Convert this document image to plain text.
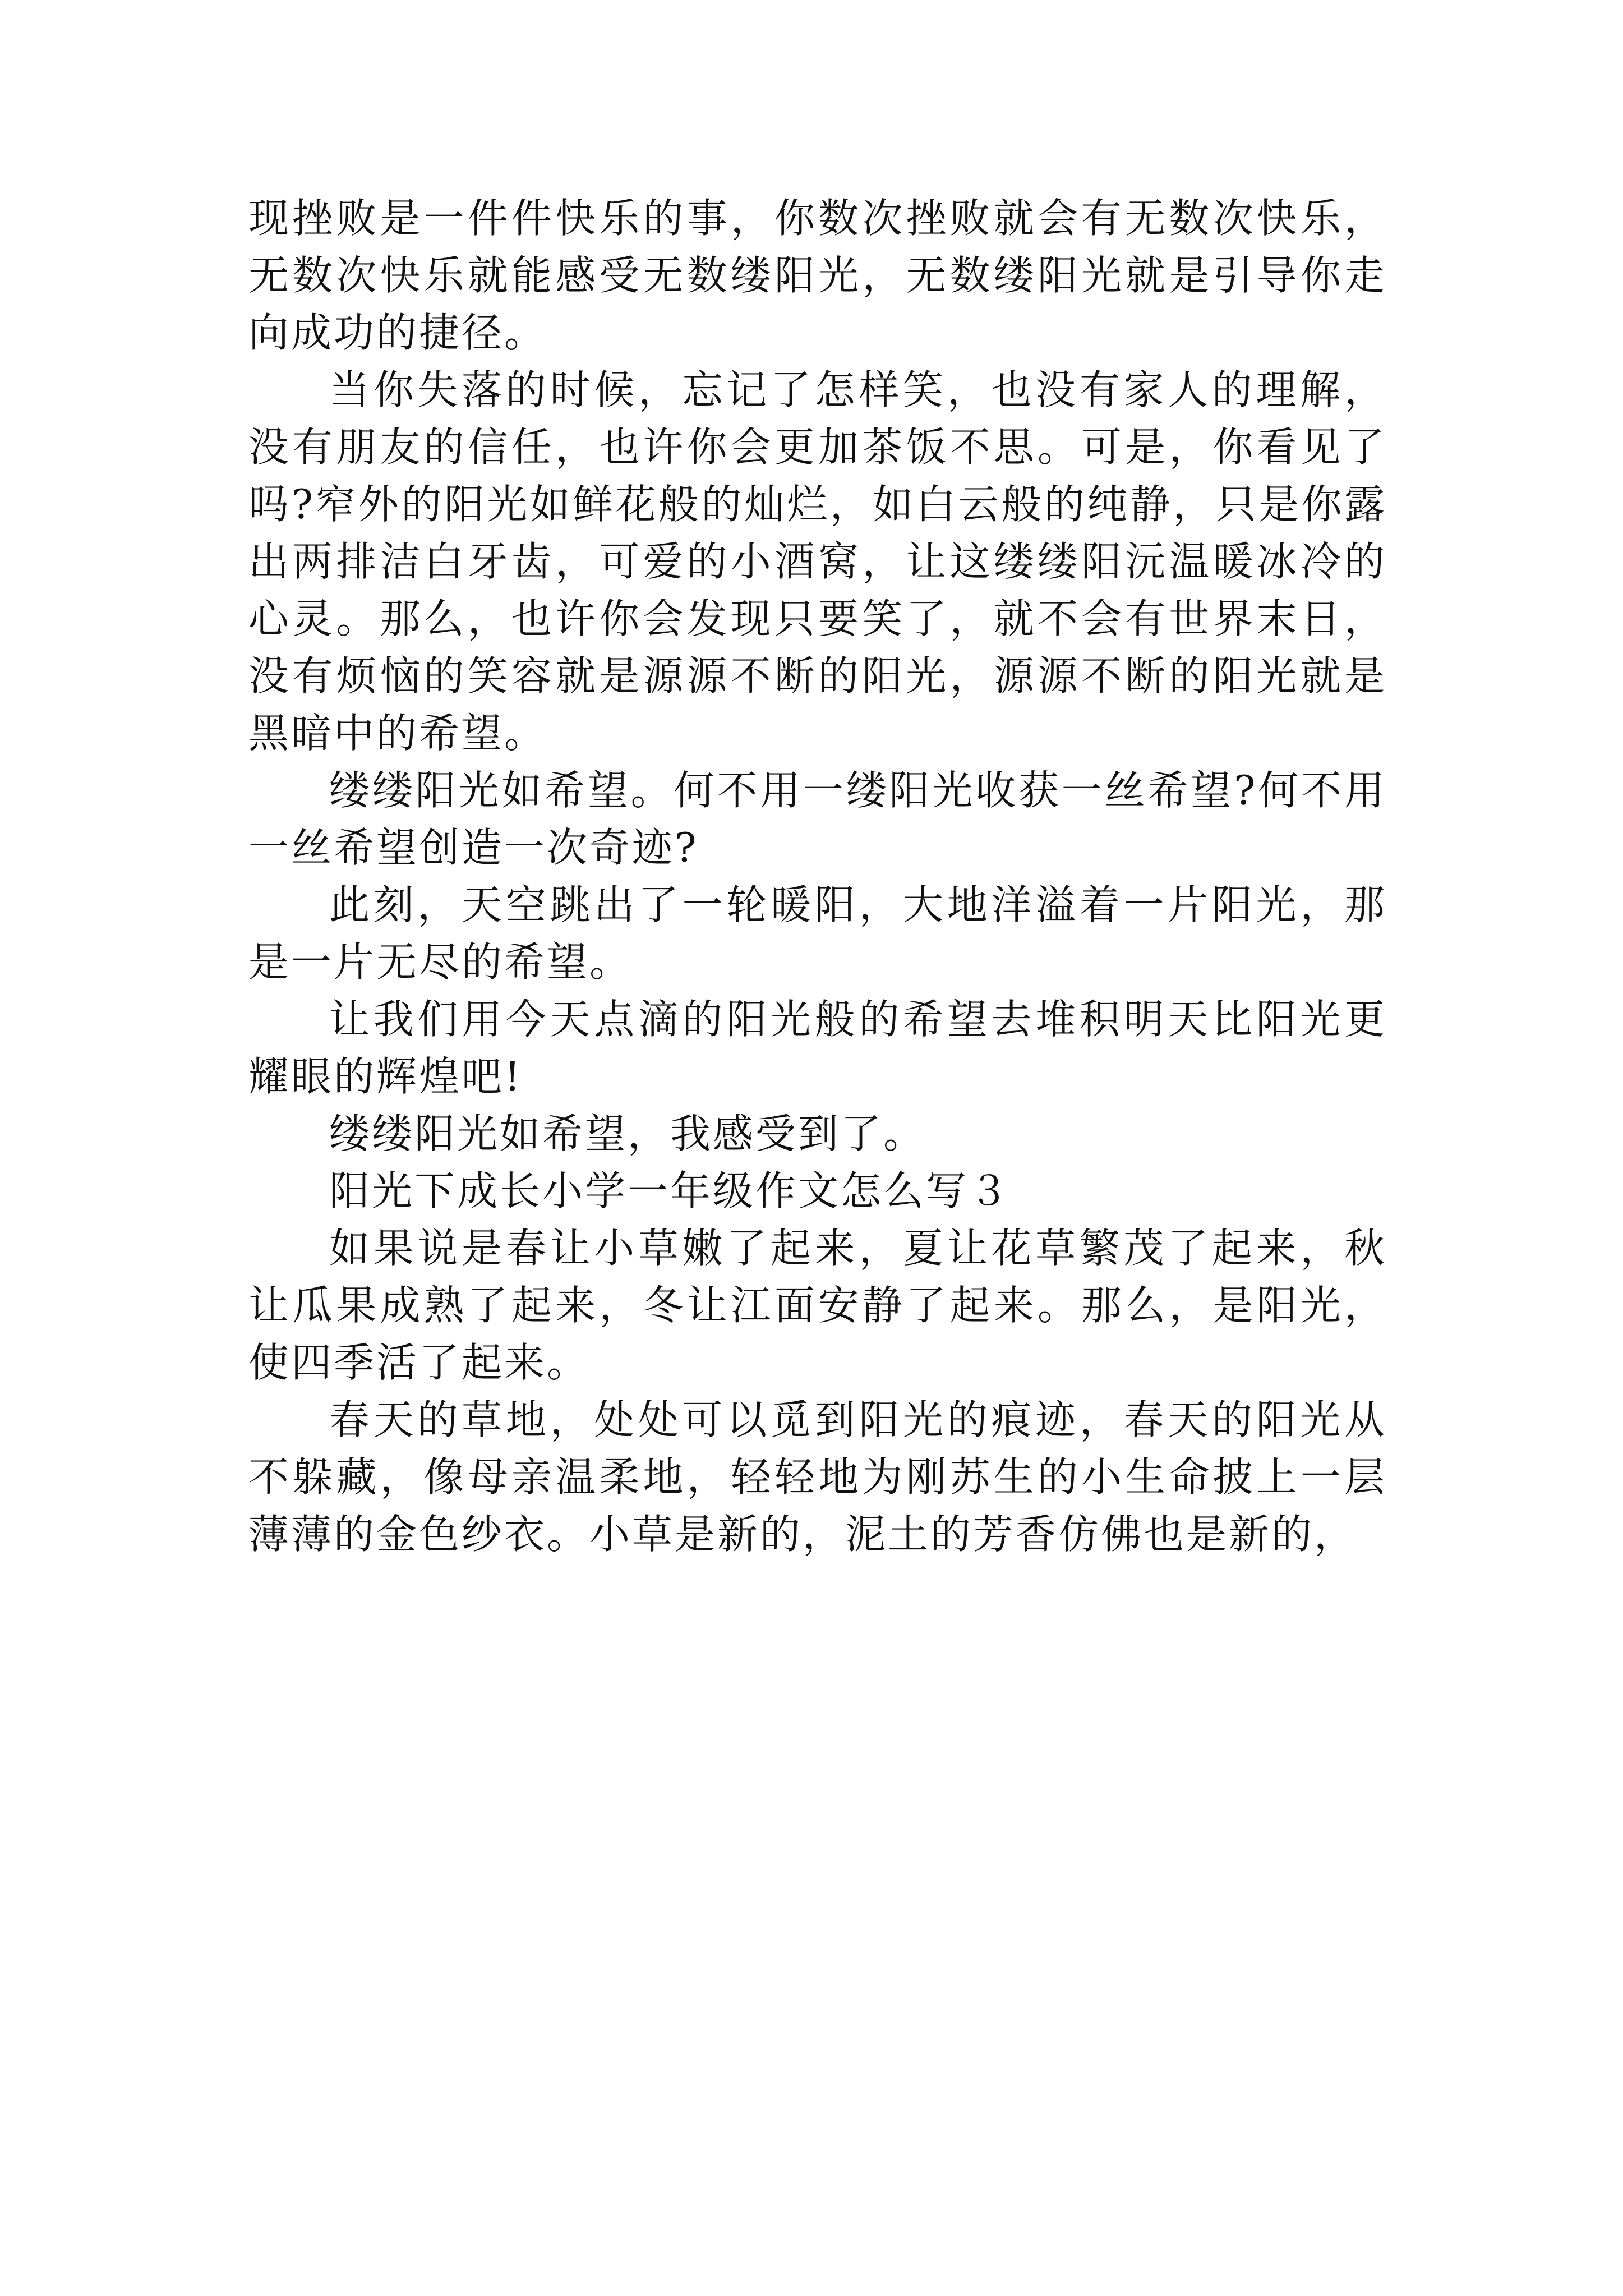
现挫败是一件件快乐的事，你数次挫败就会有无数次快乐，无数次快乐就能感受无数缕阳光，无数缕阳光就是引导你走向成功的捷径。

当你失落的时候，忘记了怎样笑，也没有家人的理解，没有朋友的信任，也许你会更加茶饭不思。可是，你看见了吗?窄外的阳光如鲜花般的灿烂，如白云般的纯静，只是你露出两排洁白牙齿，可爱的小酒窝，让这缕缕阳沅温暖冰冷的心灵。那么，也许你会发现只要笑了，就不会有世界末日，没有烦恼的笑容就是源源不断的阳光，源源不断的阳光就是黑暗中的希望。

缕缕阳光如希望。何不用一缕阳光收获一丝希望?何不用一丝希望创造一次奇迹?

此刻，天空跳出了一轮暖阳，大地洋溢着一片阳光，那是一片无尽的希望。

让我们用今天点滴的阳光般的希望去堆积明天比阳光更耀眼的辉煌吧!

缕缕阳光如希望，我感受到了。

阳光下成长小学一年级作文怎么写３

如果说是春让小草嫩了起来，夏让花草繁茂了起来，秋让瓜果成熟了起来，冬让江面安静了起来。那么，是阳光，使四季活了起来。

春天的草地，处处可以觅到阳光的痕迹，春天的阳光从不躲藏，像母亲温柔地，轻轻地为刚苏生的小生命披上一层薄薄的金色纱衣。小草是新的，泥土的芳香仿佛也是新的，
